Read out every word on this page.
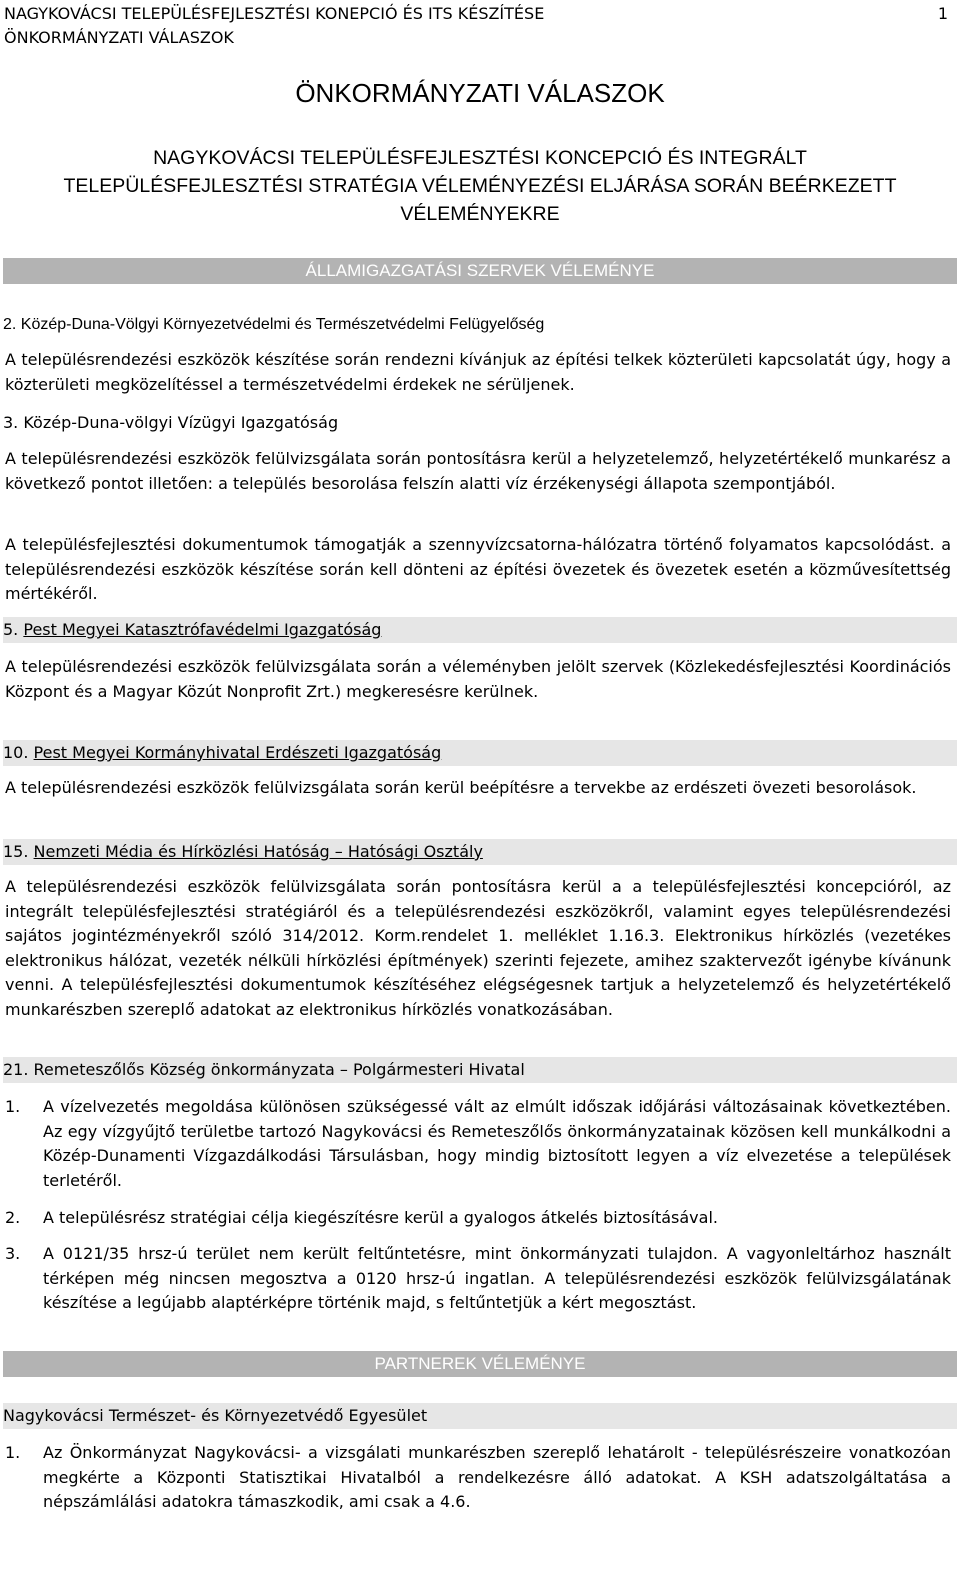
NAGYKOVÁCSI TELEPÜLÉSFEJLESZTÉSI KONEPCIÓ ÉS ITS KÉSZÍTÉSE
ÖNKORMÁNYZATI VÁLASZOK
1
ÖNKORMÁNYZATI VÁLASZOK
NAGYKOVÁCSI TELEPÜLÉSFEJLESZTÉSI KONCEPCIÓ ÉS INTEGRÁLT
TELEPÜLÉSFEJLESZTÉSI STRATÉGIA VÉLEMÉNYEZÉSI ELJÁRÁSA SORÁN BEÉRKEZETT
VÉLEMÉNYEKRE
ÁLLAMIGAZGATÁSI SZERVEK VÉLEMÉNYE
2. Közép-Duna-Völgyi Környezetvédelmi és Természetvédelmi Felügyelőség

A településrendezési eszközök készítése során rendezni kívánjuk az építési telkek közterületi kapcsolatát úgy, hogy a közterületi megközelítéssel a természetvédelmi érdekek ne sérüljenek.

3. Közép-Duna-völgyi Vízügyi Igazgatóság

A településrendezési eszközök felülvizsgálata során pontosításra kerül a helyzetelemző, helyzetértékelő munkarész a következő pontot illetően: a település besorolása felszín alatti víz érzékenységi állapota szempontjából.

A településfejlesztési dokumentumok támogatják a szennyvízcsatorna-hálózatra történő folyamatos kapcsolódást. a településrendezési eszközök készítése során kell dönteni az építési övezetek és övezetek esetén a közművesítettség mértékéről.

5. Pest Megyei Katasztrófavédelmi Igazgatóság

A településrendezési eszközök felülvizsgálata során a véleményben jelölt szervek (Közlekedésfejlesztési Koordinációs Központ és a Magyar Közút Nonprofit Zrt.) megkeresésre kerülnek.

10. Pest Megyei Kormányhivatal Erdészeti Igazgatóság

A településrendezési eszközök felülvizsgálata során kerül beépítésre a tervekbe az erdészeti övezeti besorolások.

15. Nemzeti Média és Hírközlési Hatóság – Hatósági Osztály

A településrendezési eszközök felülvizsgálata során pontosításra kerül a a településfejlesztési koncepcióról, az integrált településfejlesztési stratégiáról és a településrendezési eszközökről, valamint egyes településrendezési sajátos jogintézményekről szóló 314/2012. Korm.rendelet 1. melléklet 1.16.3. Elektronikus hírközlés (vezetékes elektronikus hálózat, vezeték nélküli hírközlési építmények) szerinti fejezete, amihez szaktervezőt igénybe kívánunk venni. A településfejlesztési dokumentumok készítéséhez elégségesnek tartjuk a helyzetelemző és helyzetértékelő munkarészben szereplő adatokat az elektronikus hírközlés vonatkozásában.

21. Remeteszőlős Község önkormányzata – Polgármesteri Hivatal
1. A vízelvezetés megoldása különösen szükségessé vált az elmúlt időszak időjárási változásainak következtében. Az egy vízgyűjtő területbe tartozó Nagykovácsi és Remeteszőlős önkormányzatainak közösen kell munkálkodni a Közép-Dunamenti Vízgazdálkodási Társulásban, hogy mindig biztosított legyen a víz elvezetése a települések terletéről.
2. A településrész stratégiai célja kiegészítésre kerül a gyalogos átkelés biztosításával.
3. A 0121/35 hrsz-ú terület nem került feltűntetésre, mint önkormányzati tulajdon. A vagyonleltárhoz használt térképen még nincsen megosztva a 0120 hrsz-ú ingatlan. A településrendezési eszközök felülvizsgálatának készítése a legújabb alaptérképre történik majd, s feltűntetjük a kért megosztást.
PARTNEREK VÉLEMÉNYE
Nagykovácsi Természet- és Környezetvédő Egyesület
1. Az Önkormányzat Nagykovácsi- a vizsgálati munkarészben szereplő lehatárolt - településrészeire vonatkozóan megkérte a Központi Statisztikai Hivatalból a rendelkezésre álló adatokat. A KSH adatszolgáltatása a népszámlálási adatokra támaszkodik, ami csak a 4.6.
